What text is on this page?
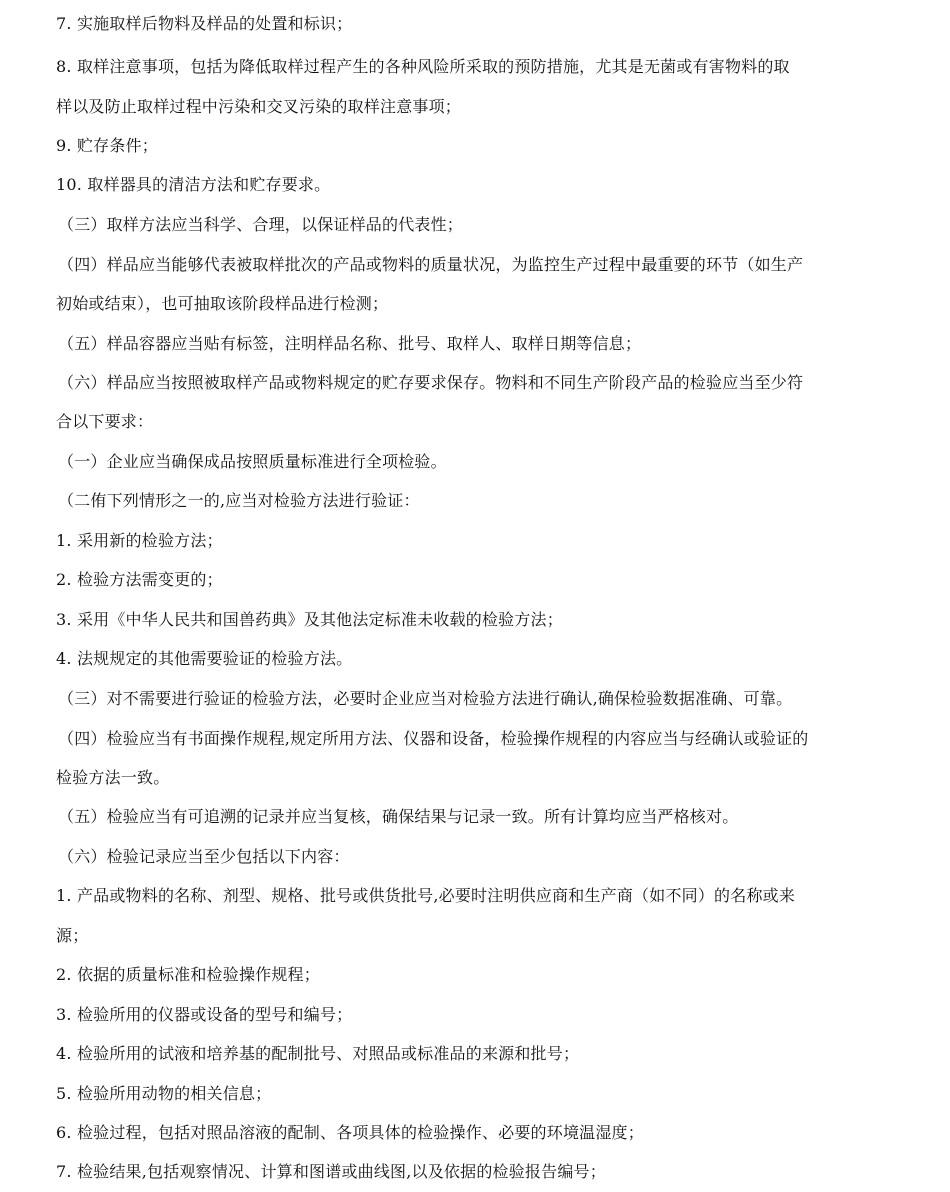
7. 实施取样后物料及样品的处置和标识；
8. 取样注意事项，包括为降低取样过程产生的各种风险所采取的预防措施，尤其是无菌或有害物料的取
样以及防止取样过程中污染和交叉污染的取样注意事项；
9. 贮存条件；
10. 取样器具的清洁方法和贮存要求。
（三）取样方法应当科学、合理，以保证样品的代表性；
（四）样品应当能够代表被取样批次的产品或物料的质量状况，为监控生产过程中最重要的环节（如生产
初始或结束），也可抽取该阶段样品进行检测；
（五）样品容器应当贴有标签，注明样品名称、批号、取样人、取样日期等信息；
（六）样品应当按照被取样产品或物料规定的贮存要求保存。物料和不同生产阶段产品的检验应当至少符
合以下要求：
（一）企业应当确保成品按照质量标准进行全项检验。
（二侑下列情形之一的,应当对检验方法进行验证：
1. 采用新的检验方法；
2. 检验方法需变更的；
3. 采用《中华人民共和国兽药典》及其他法定标准未收载的检验方法；
4. 法规规定的其他需要验证的检验方法。
（三）对不需要进行验证的检验方法，必要时企业应当对检验方法进行确认,确保检验数据准确、可靠。
（四）检验应当有书面操作规程,规定所用方法、仪器和设备，检验操作规程的内容应当与经确认或验证的
检验方法一致。
（五）检验应当有可追溯的记录并应当复核，确保结果与记录一致。所有计算均应当严格核对。
（六）检验记录应当至少包括以下内容：
1. 产品或物料的名称、剂型、规格、批号或供货批号,必要时注明供应商和生产商（如不同）的名称或来
源；
2. 依据的质量标准和检验操作规程；
3. 检验所用的仪器或设备的型号和编号；
4. 检验所用的试液和培养基的配制批号、对照品或标准品的来源和批号；
5. 检验所用动物的相关信息；
6. 检验过程，包括对照品溶液的配制、各项具体的检验操作、必要的环境温湿度；
7. 检验结果,包括观察情况、计算和图谱或曲线图,以及依据的检验报告编号；
